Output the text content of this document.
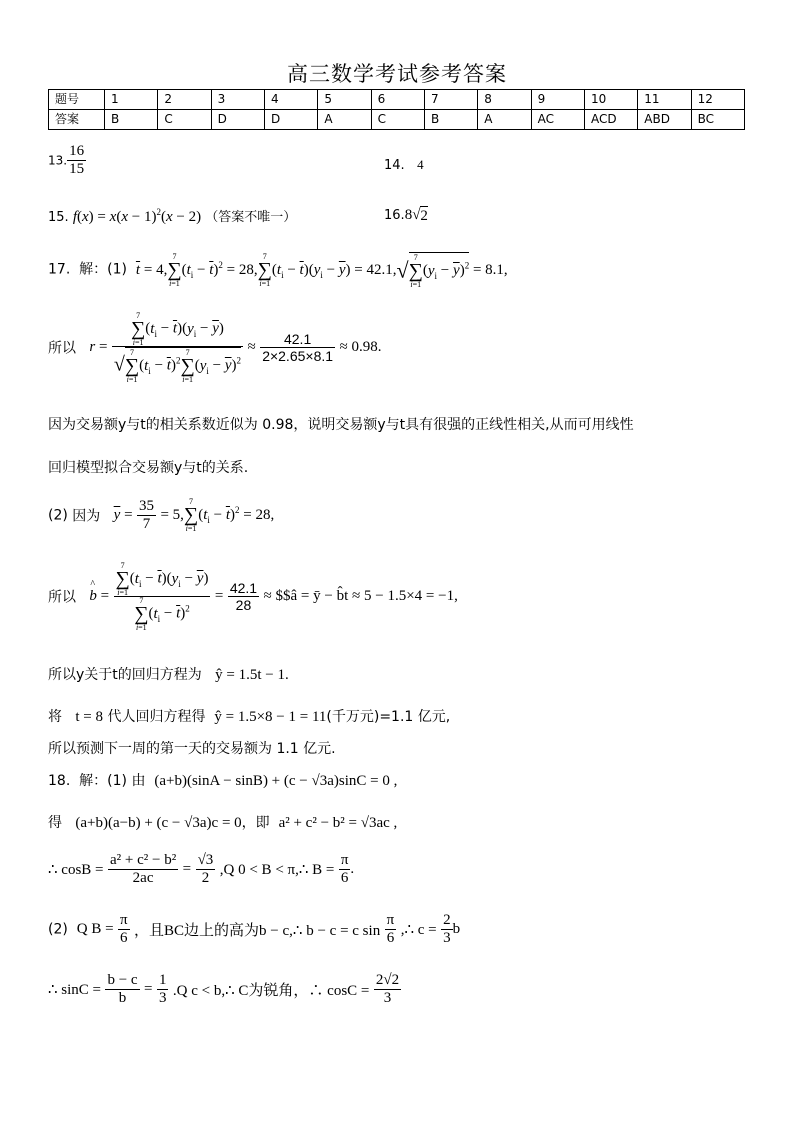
高三数学考试参考答案
题号	1	2	3	4	5	6	7	8	9	10	11	12
答案	B	C	D	D	A	C	B	A	AC	ACD	ABD	BC
13. $\frac{16}{15}$	14. 4
15. $f(x) = x(x - 1)^2(x - 2)$ （答案不唯一）	16.8√2
17. 解：(1) $\overline{t} = 4$,
7
∑
i=1
$(t_i - \overline{t})^2 = 28$,
7
∑
i=1
$(t_i - \overline{t})(y_i - \overline{y}) = 42.1,√$ 7
∑
i=1
$(y_i - \overline{y})^2 = 8.1$,
所以 r = 7
∑
i=1
$(t_i - \overline{t})(y_i - \overline{y})$
√
7
∑
i=1
$(t_i - \overline{t})^2$
7
∑
i=1
$(y_i - \overline{y})^2 \approx \frac{42.1}{2\times 2.65\times 8.1} \approx 0.98$.
因为交易额y与t的相关系数近似为 0.98，说明交易额y与t具有很强的正线性相关,从而可用线性
回归模型拟合交易额y与t的关系.
(2) 因为 $\overline{y} = \frac{35}{7} = 5$,
7
∑
i=1
$(t_i - \overline{t})^2 = 28$,
所以 ^ b = 7
∑
i=1
$(t_i - \overline{t})(y_i - \overline{y})$
7
∑
i=1
$(t_i - \overline{t})^2 = \frac{42.1}{28}$ ≈ $$â = ȳ − b̂t ≈ 5 − 1.5×4 = −1,
所以y关于t的回归方程为 ŷ = 1.5t − 1.
将 t = 8 代人回归方程得 ŷ = 1.5×8 − 1 = 11(千万元)=1.1 亿元,
所以预测下一周的第一天的交易额为 1.1 亿元.
18. 解：(1) 由 (a+b)(sinA − sinB) + (c − √3a)sinC = 0 ,
得 (a+b)(a−b) + (c − √3a)c = 0，即 a² + c² − b² = √3ac ,
∴ $\cos B = \frac{\text{a² + c² − b²}}{2ac} = \frac{√3}{2} ,Q$ 0 < B < π,∴ $B = \frac{\pi}{6}$ .
(2) Q $B = \frac{\pi}{6}$ ，且BC边上的高为b − c,∴ b − c = c $\sin \frac{\pi}{6}$ ,∴ $c = \frac{2}{3}$ b
∴ $\sin C = \frac{b - c}{b} = \frac{1}{3} .Q$ c < b,∴ C为锐角，∴ $\cos C = \frac{2√2}{3}$
